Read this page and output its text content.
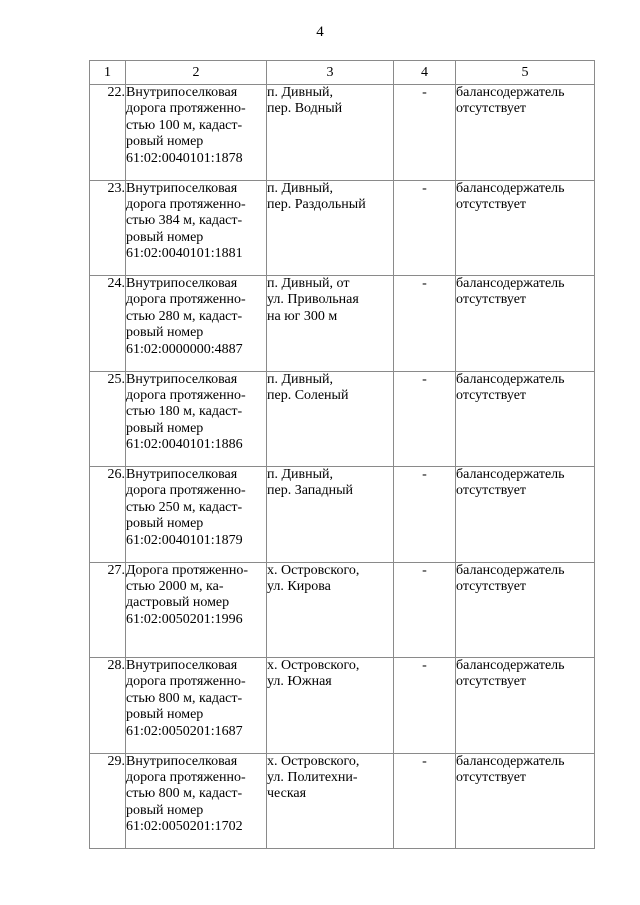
4
1	2	3	4	5
22.	Внутрипоселковая
дорога протяженно-
стью 100 м, кадаст-
ровый номер
61:02:0040101:1878	п. Дивный,
пер. Водный	-	балансодержатель
отсутствует
23.	Внутрипоселковая
дорога протяженно-
стью 384 м, кадаст-
ровый номер
61:02:0040101:1881	п. Дивный,
пер. Раздольный	-	балансодержатель
отсутствует
24.	Внутрипоселковая
дорога протяженно-
стью 280 м, кадаст-
ровый номер
61:02:0000000:4887	п. Дивный, от
ул. Привольная
на юг 300 м	-	балансодержатель
отсутствует
25.	Внутрипоселковая
дорога протяженно-
стью 180 м, кадаст-
ровый номер
61:02:0040101:1886	п. Дивный,
пер. Соленый	-	балансодержатель
отсутствует
26.	Внутрипоселковая
дорога протяженно-
стью 250 м, кадаст-
ровый номер
61:02:0040101:1879	п. Дивный,
пер. Западный	-	балансодержатель
отсутствует
27.	Дорога протяженно-
стью 2000 м, ка-
дастровый номер
61:02:0050201:1996	х. Островского,
ул. Кирова	-	балансодержатель
отсутствует
28.	Внутрипоселковая
дорога протяженно-
стью 800 м, кадаст-
ровый номер
61:02:0050201:1687	х. Островского,
ул. Южная	-	балансодержатель
отсутствует
29.	Внутрипоселковая
дорога протяженно-
стью 800 м, кадаст-
ровый номер
61:02:0050201:1702	х. Островского,
ул. Политехни-
ческая	-	балансодержатель
отсутствует
